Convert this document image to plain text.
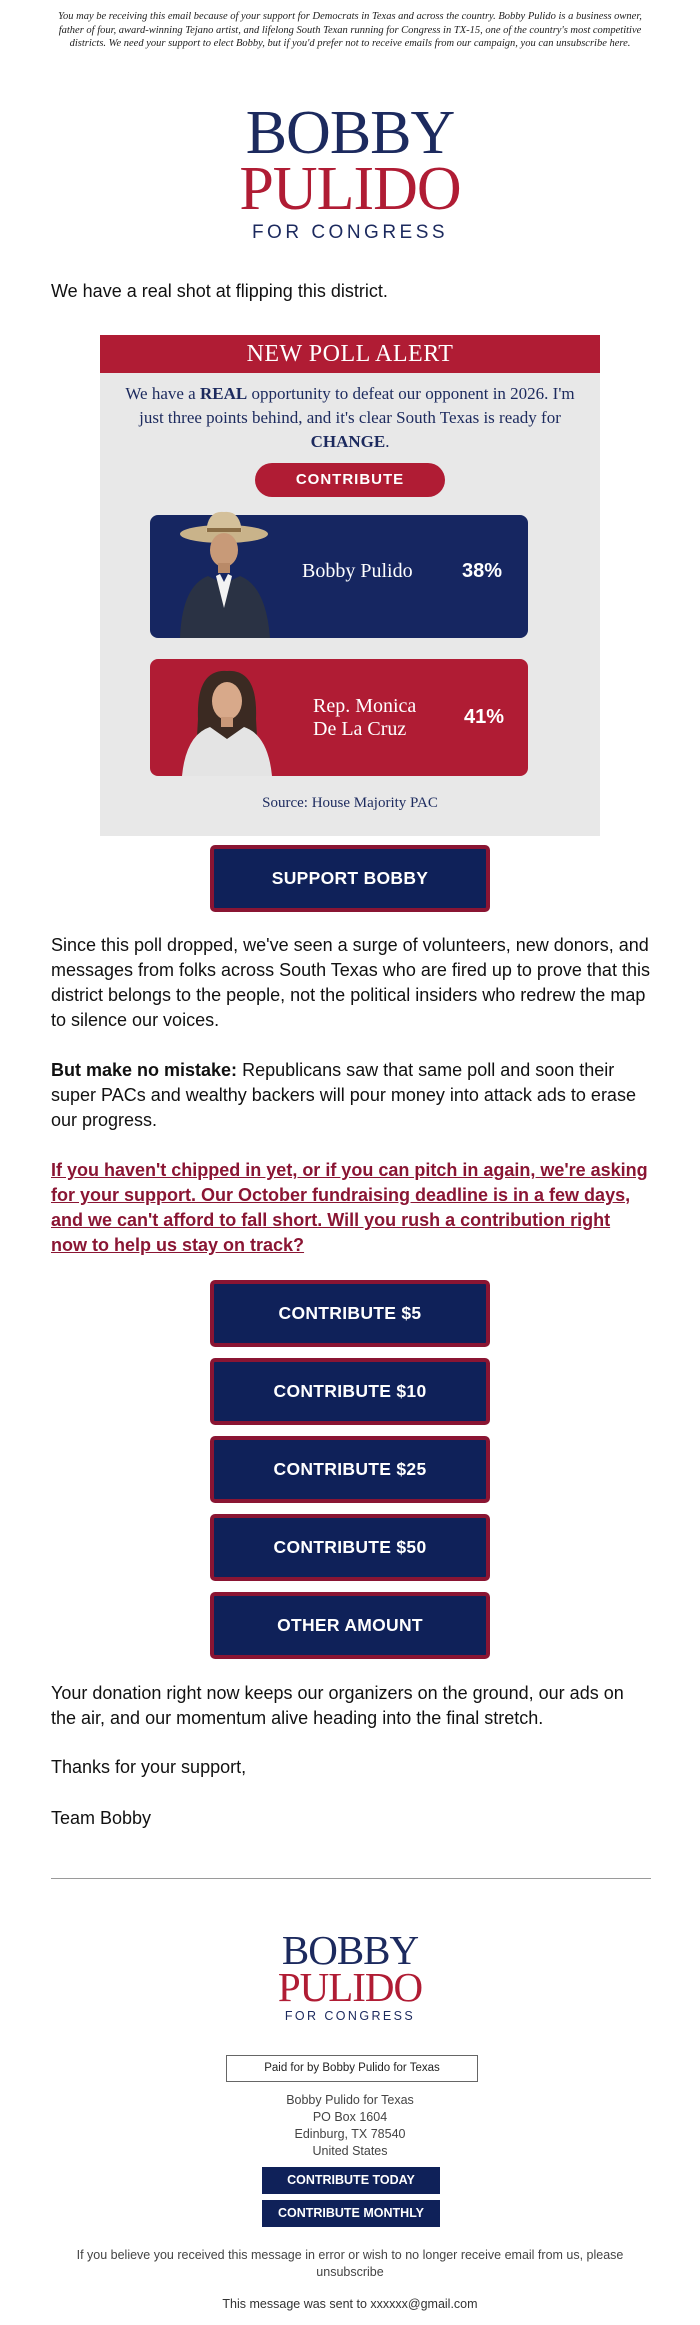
You may be receiving this email because of your support for Democrats in Texas and across the country. Bobby Pulido is a business owner, father of four, award-winning Tejano artist, and lifelong South Texan running for Congress in TX-15, one of the country's most competitive districts. We need your support to elect Bobby, but if you'd prefer not to receive emails from our campaign, you can unsubscribe here.
BOBBY
PULIDO
FOR CONGRESS
We have a real shot at flipping this district.
NEW POLL ALERT
We have a REAL opportunity to defeat our opponent in 2026. I'm just three points behind, and it's clear South Texas is ready for CHANGE.
CONTRIBUTE
Bobby Pulido 38%
Rep. Monica
De La Cruz
41%
Source: House Majority PAC
SUPPORT BOBBY
Since this poll dropped, we've seen a surge of volunteers, new donors, and messages from folks across South Texas who are fired up to prove that this district belongs to the people, not the political insiders who redrew the map to silence our voices.
But make no mistake: Republicans saw that same poll and soon their super PACs and wealthy backers will pour money into attack ads to erase our progress.
If you haven't chipped in yet, or if you can pitch in again, we're asking for your support. Our October fundraising deadline is in a few days, and we can't afford to fall short. Will you rush a contribution right now to help us stay on track?
CONTRIBUTE $5
CONTRIBUTE $10
CONTRIBUTE $25
CONTRIBUTE $50
OTHER AMOUNT
Your donation right now keeps our organizers on the ground, our ads on the air, and our momentum alive heading into the final stretch.
Thanks for your support,
Team Bobby
BOBBY
PULIDO
FOR CONGRESS
Paid for by Bobby Pulido for Texas
Bobby Pulido for Texas
PO Box 1604
Edinburg, TX 78540
United States
CONTRIBUTE TODAY
CONTRIBUTE MONTHLY
If you believe you received this message in error or wish to no longer receive email from us, please unsubscribe
This message was sent to xxxxxx@gmail.com
